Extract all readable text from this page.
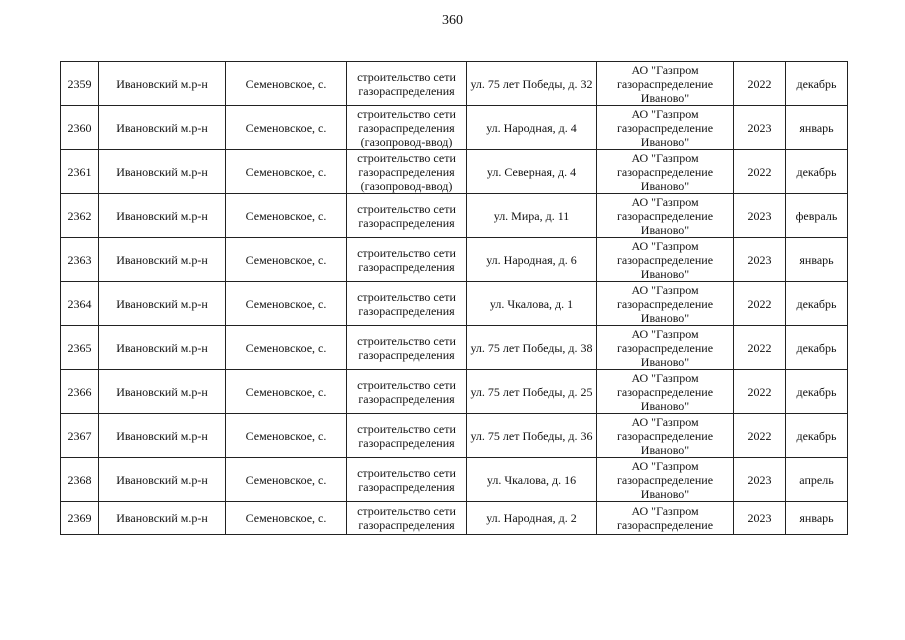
360
2359	Ивановский м.р-н	Семеновское, с.	строительство сети газораспределения	ул. 75 лет Победы, д. 32	АО "Газпром газораспределение Иваново"	2022	декабрь
2360	Ивановский м.р-н	Семеновское, с.	строительство сети газораспределения (газопровод-ввод)	ул. Народная, д. 4	АО "Газпром газораспределение Иваново"	2023	январь
2361	Ивановский м.р-н	Семеновское, с.	строительство сети газораспределения (газопровод-ввод)	ул. Северная, д. 4	АО "Газпром газораспределение Иваново"	2022	декабрь
2362	Ивановский м.р-н	Семеновское, с.	строительство сети газораспределения	ул. Мира, д. 11	АО "Газпром газораспределение Иваново"	2023	февраль
2363	Ивановский м.р-н	Семеновское, с.	строительство сети газораспределения	ул. Народная, д. 6	АО "Газпром газораспределение Иваново"	2023	январь
2364	Ивановский м.р-н	Семеновское, с.	строительство сети газораспределения	ул. Чкалова, д. 1	АО "Газпром газораспределение Иваново"	2022	декабрь
2365	Ивановский м.р-н	Семеновское, с.	строительство сети газораспределения	ул. 75 лет Победы, д. 38	АО "Газпром газораспределение Иваново"	2022	декабрь
2366	Ивановский м.р-н	Семеновское, с.	строительство сети газораспределения	ул. 75 лет Победы, д. 25	АО "Газпром газораспределение Иваново"	2022	декабрь
2367	Ивановский м.р-н	Семеновское, с.	строительство сети газораспределения	ул. 75 лет Победы, д. 36	АО "Газпром газораспределение Иваново"	2022	декабрь
2368	Ивановский м.р-н	Семеновское, с.	строительство сети газораспределения	ул. Чкалова, д. 16	АО "Газпром газораспределение Иваново"	2023	апрель
2369	Ивановский м.р-н	Семеновское, с.	строительство сети газораспределения	ул. Народная, д. 2	АО "Газпром газораспределение	2023	январь
